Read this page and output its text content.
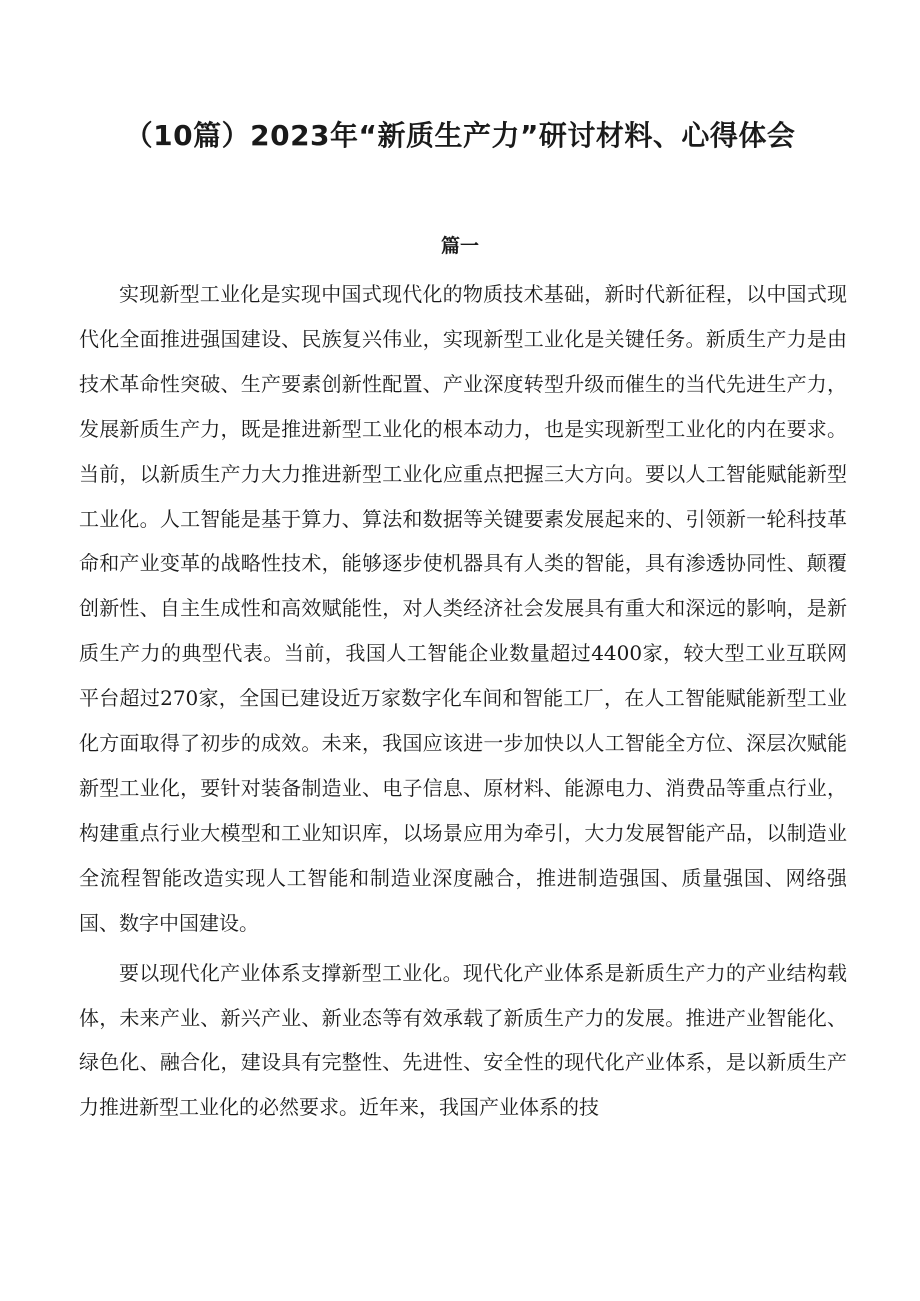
（10篇）2023年“新质生产力”研讨材料、心得体会
篇一

实现新型工业化是实现中国式现代化的物质技术基础，新时代新征程，以中国式现代化全面推进强国建设、民族复兴伟业，实现新型工业化是关键任务。新质生产力是由技术革命性突破、生产要素创新性配置、产业深度转型升级而催生的当代先进生产力，发展新质生产力，既是推进新型工业化的根本动力，也是实现新型工业化的内在要求。当前，以新质生产力大力推进新型工业化应重点把握三大方向。要以人工智能赋能新型工业化。人工智能是基于算力、算法和数据等关键要素发展起来的、引领新一轮科技革命和产业变革的战略性技术，能够逐步使机器具有人类的智能，具有渗透协同性、颠覆创新性、自主生成性和高效赋能性，对人类经济社会发展具有重大和深远的影响，是新质生产力的典型代表。当前，我国人工智能企业数量超过4400家，较大型工业互联网平台超过270家，全国已建设近万家数字化车间和智能工厂，在人工智能赋能新型工业化方面取得了初步的成效。未来，我国应该进一步加快以人工智能全方位、深层次赋能新型工业化，要针对装备制造业、电子信息、原材料、能源电力、消费品等重点行业，构建重点行业大模型和工业知识库，以场景应用为牵引，大力发展智能产品，以制造业全流程智能改造实现人工智能和制造业深度融合，推进制造强国、质量强国、网络强国、数字中国建设。

要以现代化产业体系支撑新型工业化。现代化产业体系是新质生产力的产业结构载体，未来产业、新兴产业、新业态等有效承载了新质生产力的发展。推进产业智能化、绿色化、融合化，建设具有完整性、先进性、安全性的现代化产业体系，是以新质生产力推进新型工业化的必然要求。近年来，我国产业体系的技
